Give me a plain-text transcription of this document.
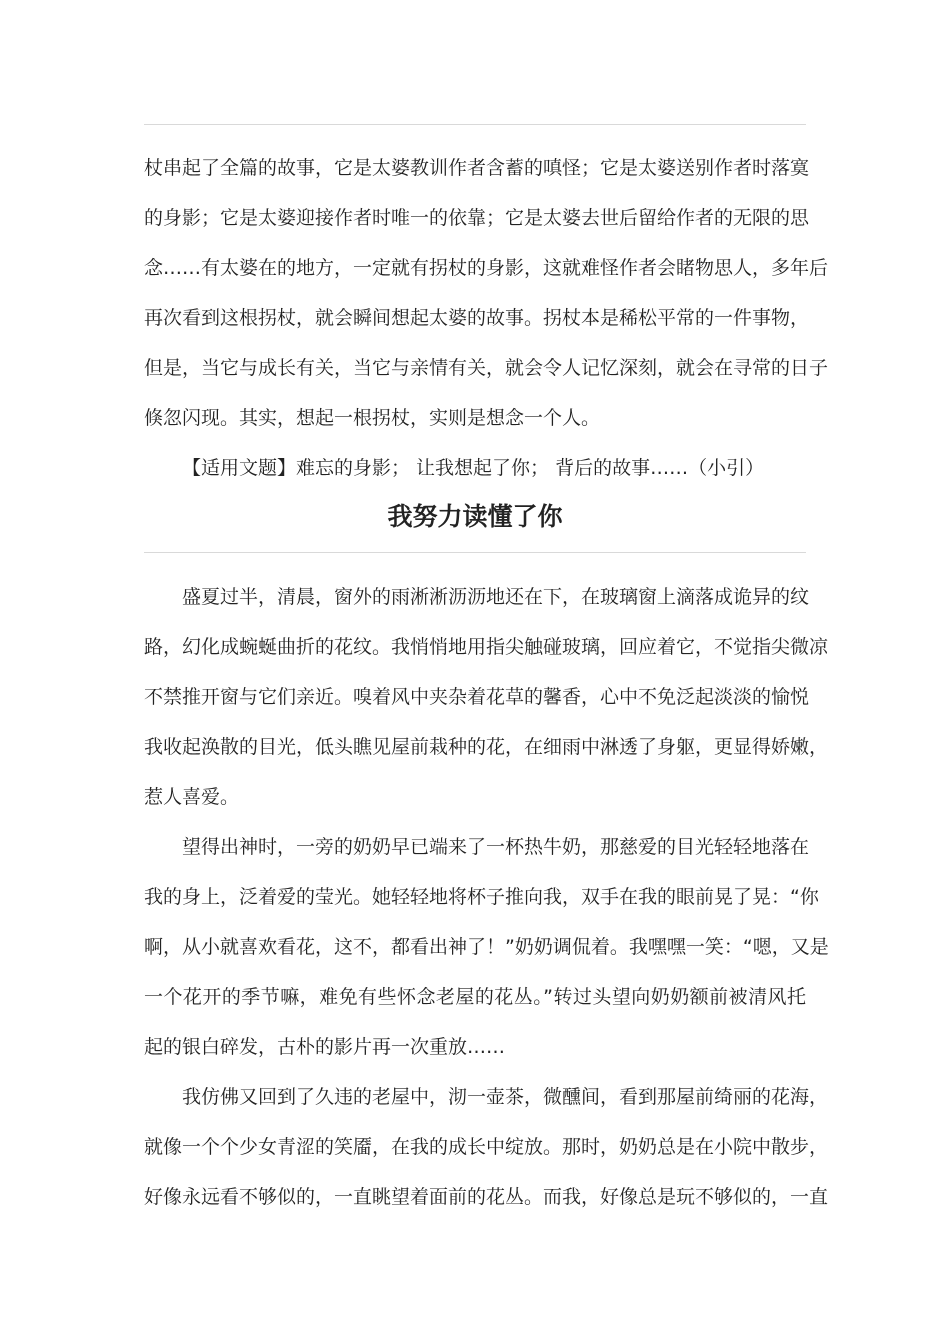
杖串起了全篇的故事，它是太婆教训作者含蓄的嗔怪；它是太婆送别作者时落寞
的身影；它是太婆迎接作者时唯一的依靠；它是太婆去世后留给作者的无限的思
念……有太婆在的地方，一定就有拐杖的身影，这就难怪作者会睹物思人，多年后
再次看到这根拐杖，就会瞬间想起太婆的故事。拐杖本是稀松平常的一件事物，
但是，当它与成长有关，当它与亲情有关，就会令人记忆深刻，就会在寻常的日子
倏忽闪现。其实，想起一根拐杖，实则是想念一个人。
【适用文题】难忘的身影； 让我想起了你； 背后的故事……（小引）
我努力读懂了你
盛夏过半，清晨，窗外的雨淅淅沥沥地还在下，在玻璃窗上滴落成诡异的纹
路，幻化成蜿蜒曲折的花纹。我悄悄地用指尖触碰玻璃，回应着它，不觉指尖微凉
不禁推开窗与它们亲近。嗅着风中夹杂着花草的馨香，心中不免泛起淡淡的愉悦
我收起涣散的目光，低头瞧见屋前栽种的花，在细雨中淋透了身躯，更显得娇嫩，
惹人喜爱。
望得出神时，一旁的奶奶早已端来了一杯热牛奶，那慈爱的目光轻轻地落在
我的身上，泛着爱的莹光。她轻轻地将杯子推向我，双手在我的眼前晃了晃：“你
啊，从小就喜欢看花，这不，都看出神了！”奶奶调侃着。我嘿嘿一笑：“嗯，又是
一个花开的季节嘛，难免有些怀念老屋的花丛。”转过头望向奶奶额前被清风托
起的银白碎发，古朴的影片再一次重放……
我仿佛又回到了久违的老屋中，沏一壶茶，微醺间，看到那屋前绮丽的花海，
就像一个个少女青涩的笑靥，在我的成长中绽放。那时，奶奶总是在小院中散步，
好像永远看不够似的，一直眺望着面前的花丛。而我，好像总是玩不够似的，一直
